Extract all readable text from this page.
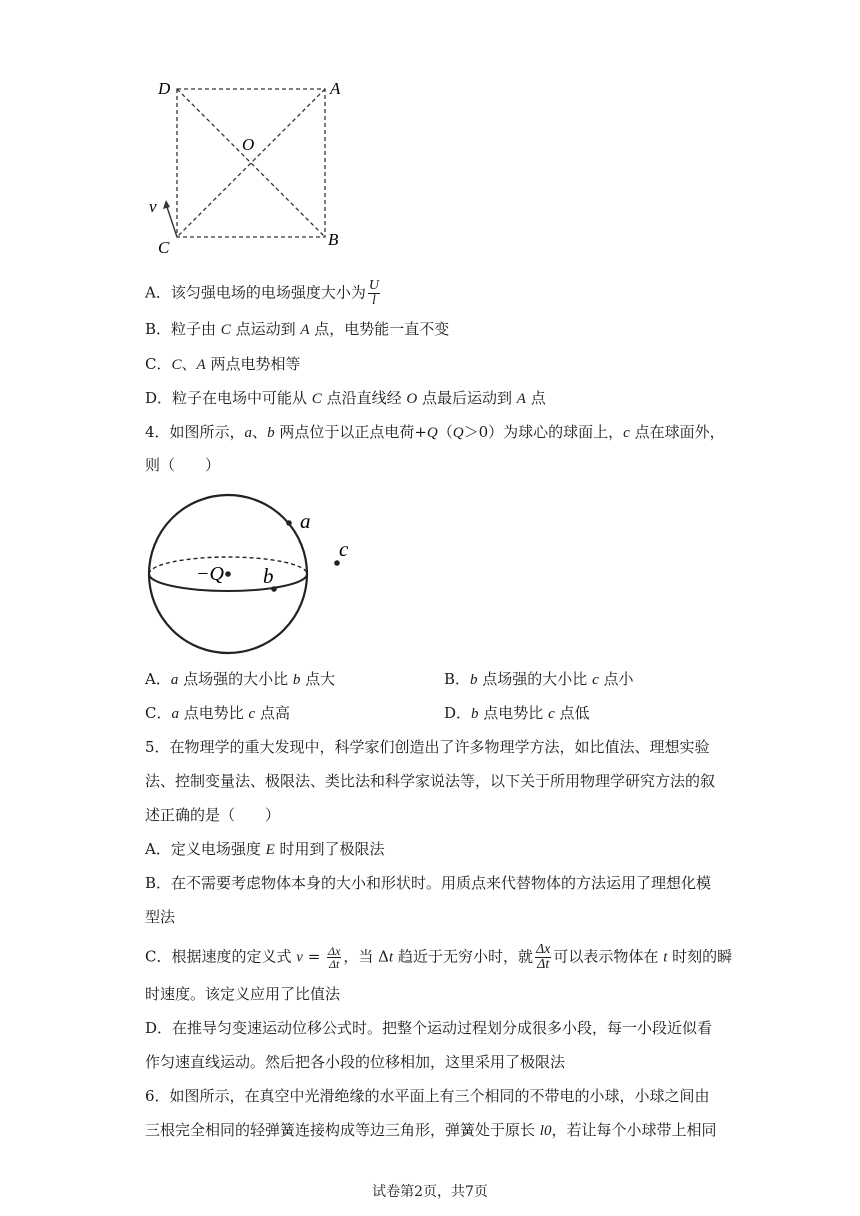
D	A
O
v
C	B
A．该匀强电场的电场强度大小为 $\frac{U}{l}$
B．粒子由 C 点运动到 A 点，电势能一直不变
C．C、A 两点电势相等
D．粒子在电场中可能从 C 点沿直线经 O 点最后运动到 A 点
4．如图所示，a、b 两点位于以正点电荷+Q（Q＞0）为球心的球面上，c 点在球面外，
则（　　）
−Q
a
b
c
A．a 点场强的大小比 b 点大	B．b 点场强的大小比 c 点小
C．a 点电势比 c 点高	D．b 点电势比 c 点低
5．在物理学的重大发现中，科学家们创造出了许多物理学方法，如比值法、理想实验
法、控制变量法、极限法、类比法和科学家说法等，以下关于所用物理学研究方法的叙
述正确的是（　　）
A．定义电场强度 E 时用到了极限法
B．在不需要考虑物体本身的大小和形状时。用质点来代替物体的方法运用了理想化模
型法
C．根据速度的定义式 $v = \frac{\Delta x}{\Delta t}$ ，当 Δt 趋近于无穷小时，就 $\frac{\Delta x}{\Delta t}$ 可以表示物体在 t 时刻的瞬
时速度。该定义应用了比值法
D．在推导匀变速运动位移公式时。把整个运动过程划分成很多小段，每一小段近似看
作匀速直线运动。然后把各小段的位移相加，这里采用了极限法
6．如图所示，在真空中光滑绝缘的水平面上有三个相同的不带电的小球，小球之间由
三根完全相同的轻弹簧连接构成等边三角形，弹簧处于原长 l0，若让每个小球带上相同
试卷第2页，共7页
